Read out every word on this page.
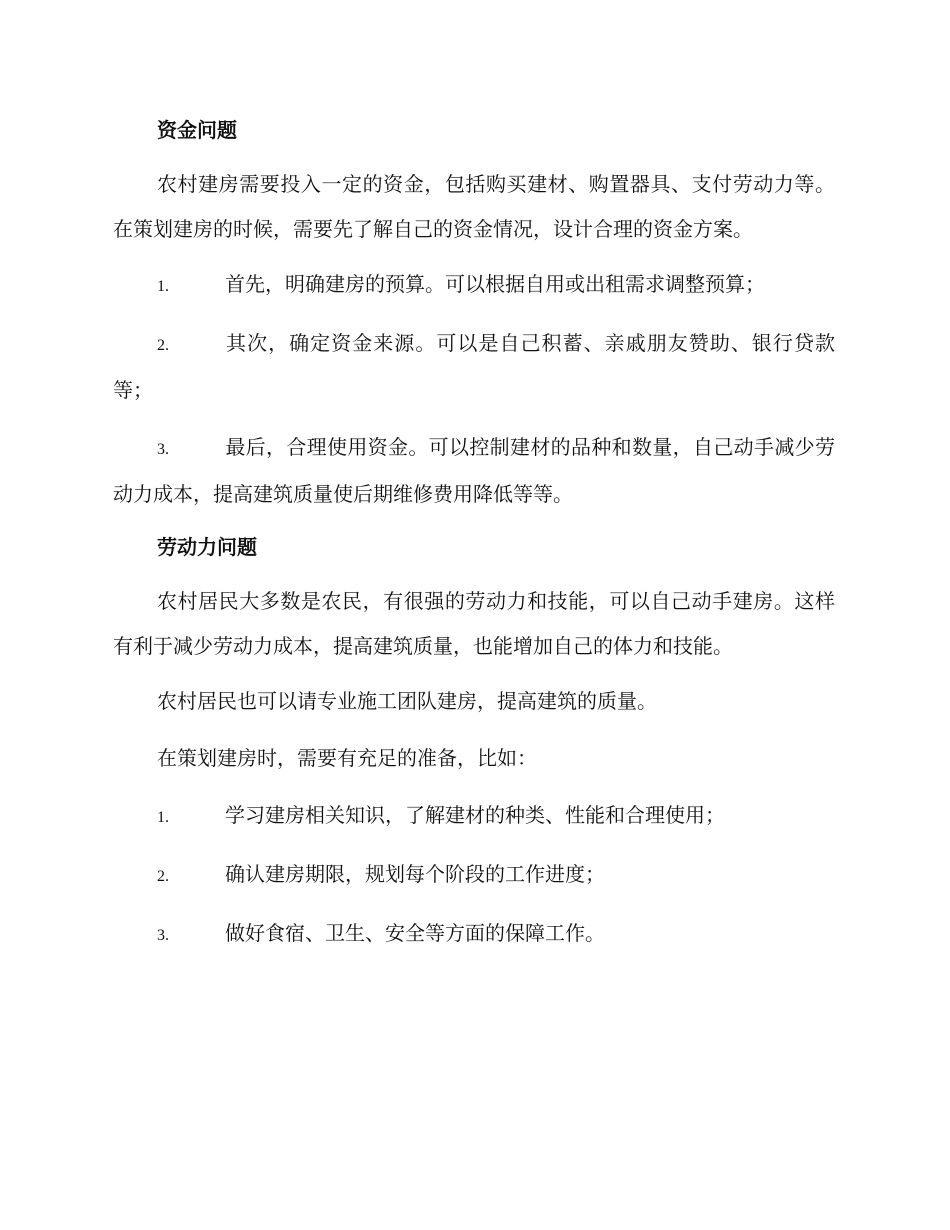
资金问题

农村建房需要投入一定的资金，包括购买建材、购置器具、支付劳动力等。在策划建房的时候，需要先了解自己的资金情况，设计合理的资金方案。

1.	首先，明确建房的预算。可以根据自用或出租需求调整预算；
2.	其次，确定资金来源。可以是自己积蓄、亲戚朋友赞助、银行贷款等；
3.	最后，合理使用资金。可以控制建材的品种和数量，自己动手减少劳动力成本，提高建筑质量使后期维修费用降低等等。
劳动力问题

农村居民大多数是农民，有很强的劳动力和技能，可以自己动手建房。这样有利于减少劳动力成本，提高建筑质量，也能增加自己的体力和技能。

农村居民也可以请专业施工团队建房，提高建筑的质量。

在策划建房时，需要有充足的准备，比如：

1.	学习建房相关知识，了解建材的种类、性能和合理使用；
2.	确认建房期限，规划每个阶段的工作进度；
3.	做好食宿、卫生、安全等方面的保障工作。
